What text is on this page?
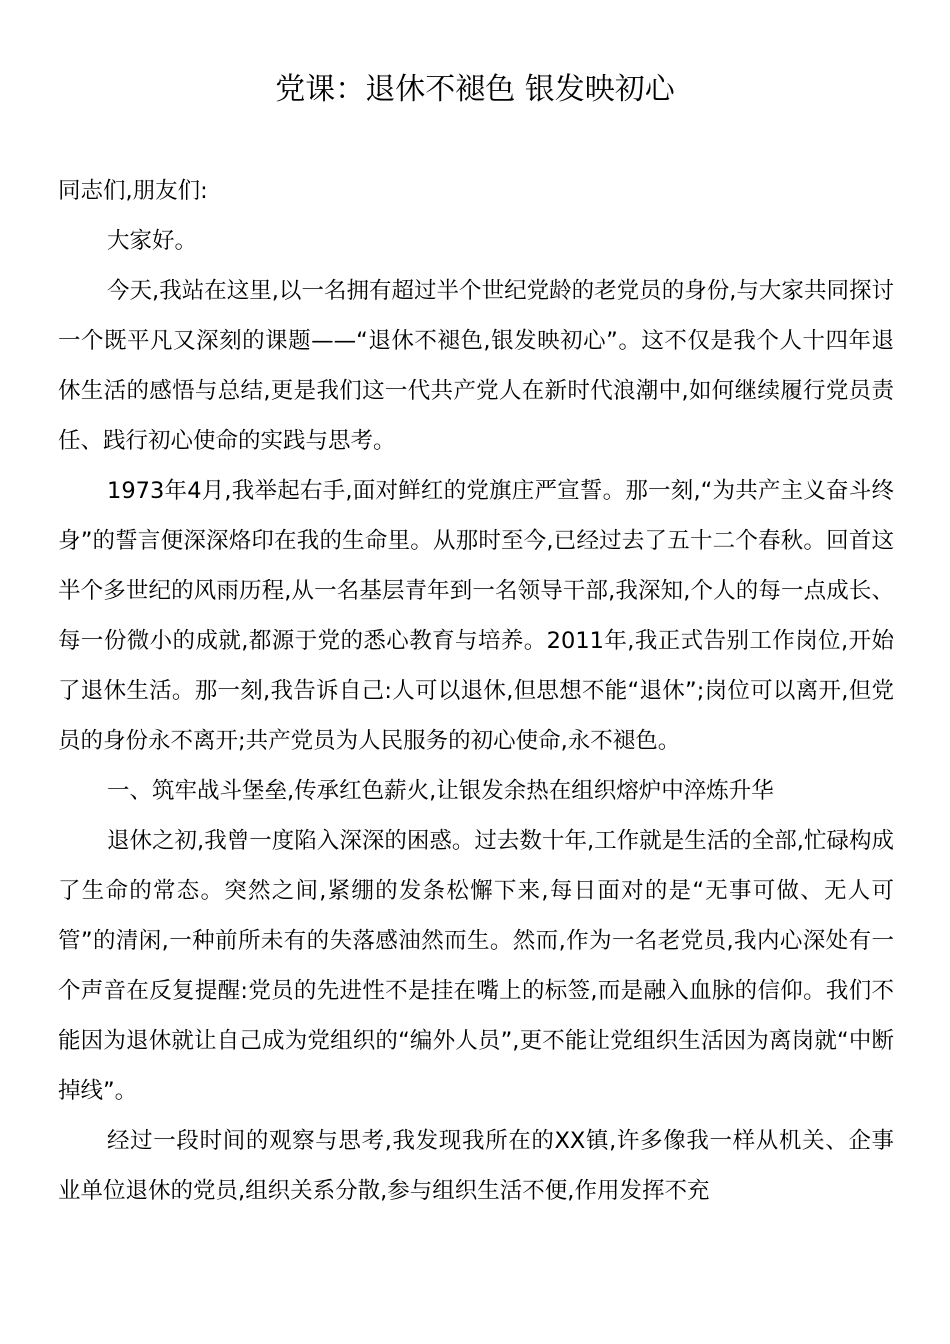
党课：退休不褪色 银发映初心

同志们,朋友们:

大家好。

今天,我站在这里,以一名拥有超过半个世纪党龄的老党员的身份,与大家共同探讨一个既平凡又深刻的课题——“退休不褪色,银发映初心”。这不仅是我个人十四年退休生活的感悟与总结,更是我们这一代共产党人在新时代浪潮中,如何继续履行党员责任、践行初心使命的实践与思考。

1973年4月,我举起右手,面对鲜红的党旗庄严宣誓。那一刻,“为共产主义奋斗终身”的誓言便深深烙印在我的生命里。从那时至今,已经过去了五十二个春秋。回首这半个多世纪的风雨历程,从一名基层青年到一名领导干部,我深知,个人的每一点成长、每一份微小的成就,都源于党的悉心教育与培养。2011年,我正式告别工作岗位,开始了退休生活。那一刻,我告诉自己:人可以退休,但思想不能“退休”;岗位可以离开,但党员的身份永不离开;共产党员为人民服务的初心使命,永不褪色。

一、筑牢战斗堡垒,传承红色薪火,让银发余热在组织熔炉中淬炼升华

退休之初,我曾一度陷入深深的困惑。过去数十年,工作就是生活的全部,忙碌构成了生命的常态。突然之间,紧绷的发条松懈下来,每日面对的是“无事可做、无人可管”的清闲,一种前所未有的失落感油然而生。然而,作为一名老党员,我内心深处有一个声音在反复提醒:党员的先进性不是挂在嘴上的标签,而是融入血脉的信仰。我们不能因为退休就让自己成为党组织的“编外人员”,更不能让党组织生活因为离岗就“中断掉线”。

经过一段时间的观察与思考,我发现我所在的XX镇,许多像我一样从机关、企事业单位退休的党员,组织关系分散,参与组织生活不便,作用发挥不充
